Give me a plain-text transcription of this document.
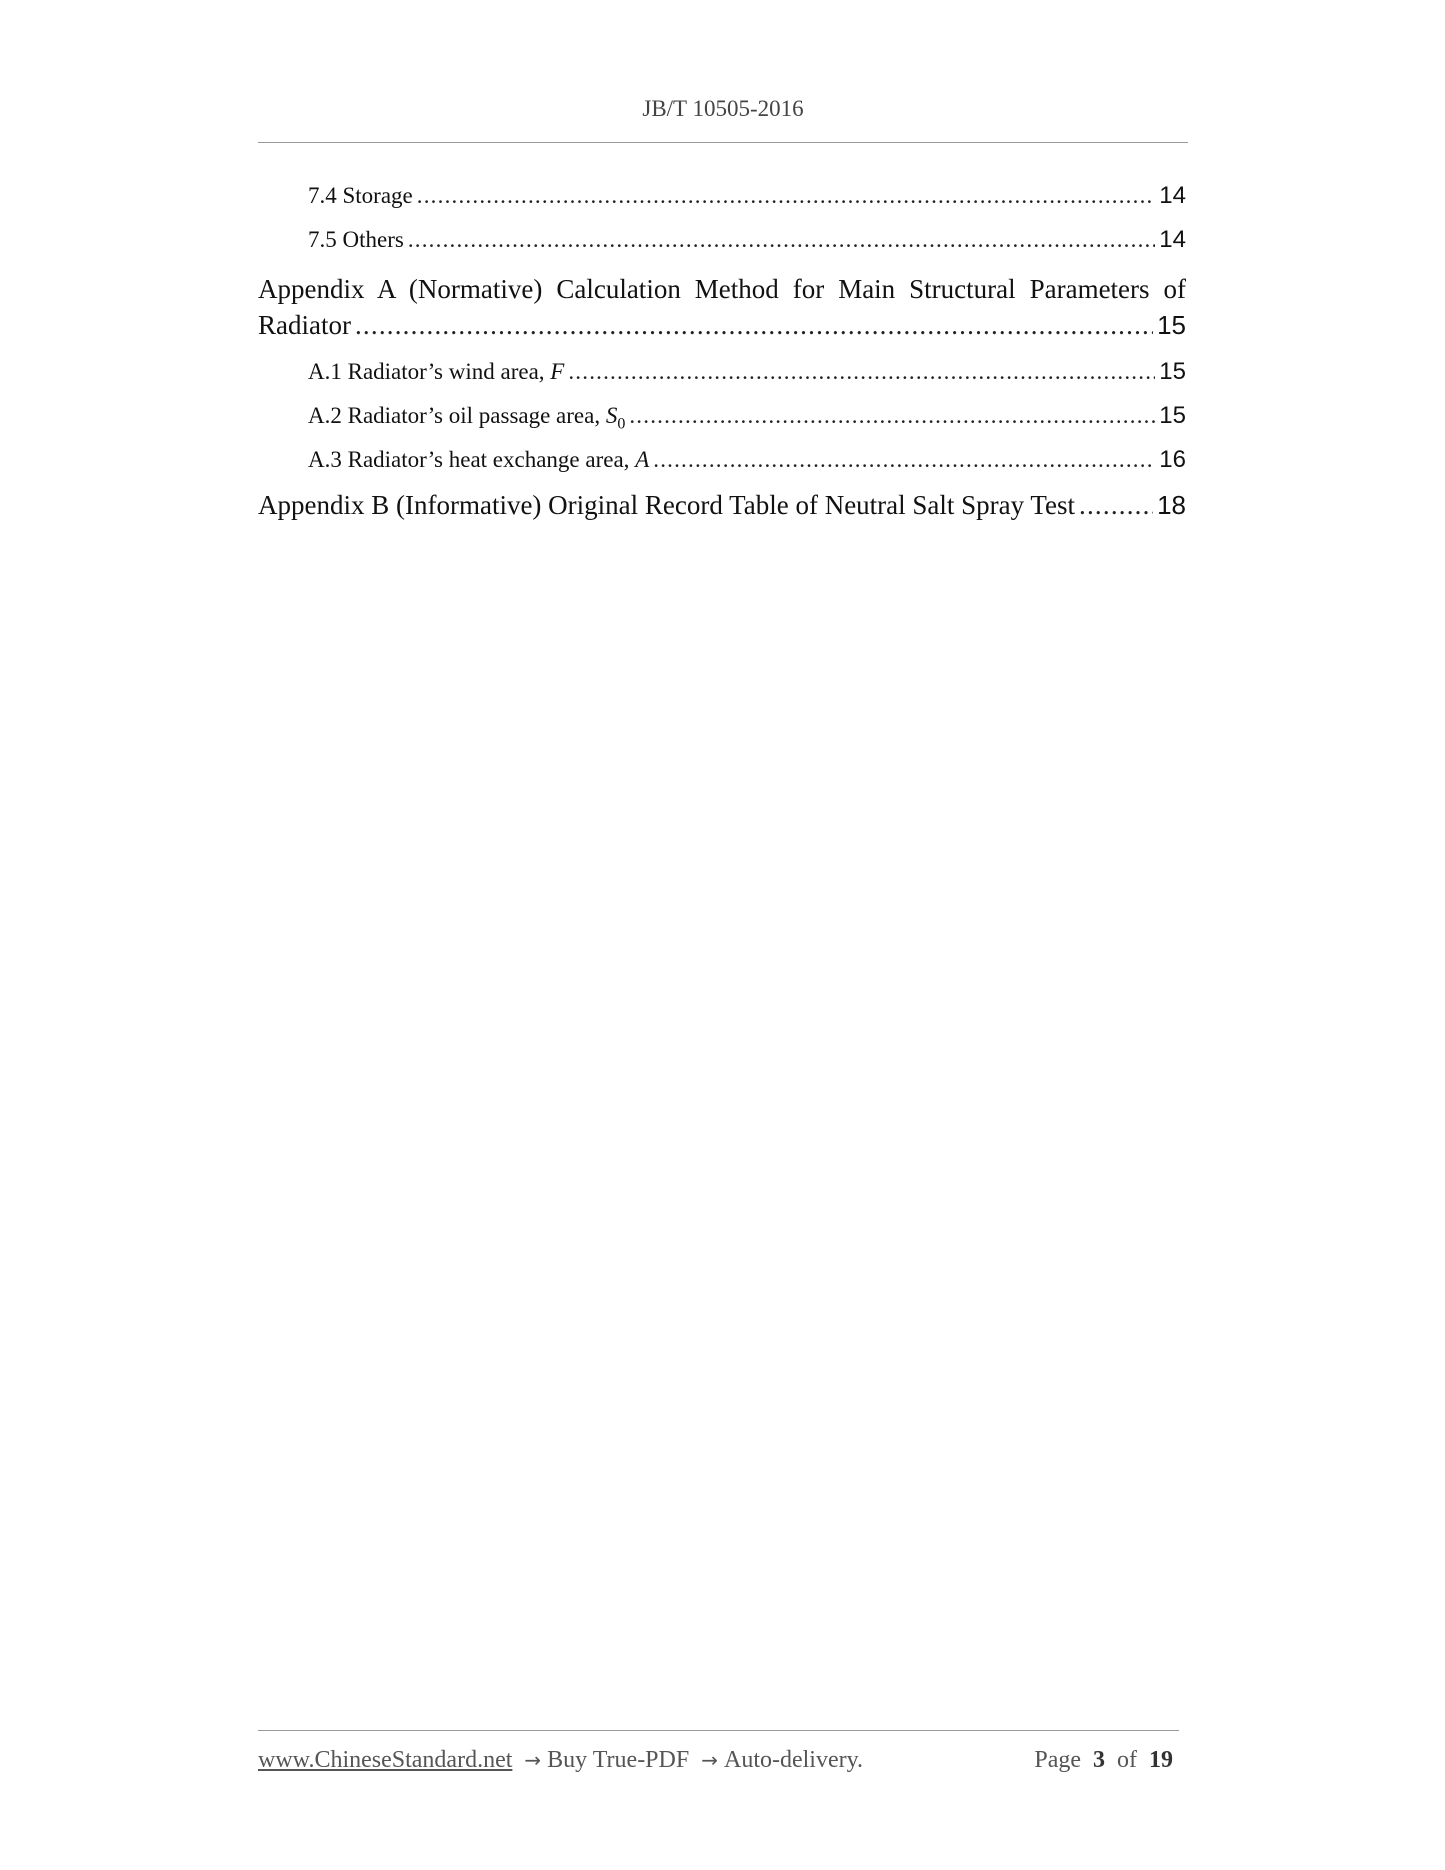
JB/T 10505-2016
7.4 Storage .....	14
7.5 Others .....	14
Appendix A (Normative) Calculation Method for Main Structural Parameters of
Radiator .....	15
A.1 Radiator’s wind area, F .....	15
A.2 Radiator’s oil passage area, $S_0$ .....	15
A.3 Radiator’s heat exchange area, A .....	16
Appendix B (Informative) Original Record Table of Neutral Salt Spray Test .....	18
www.ChineseStandard.net → Buy True-PDF → Auto-delivery.	Page 3 of 19
